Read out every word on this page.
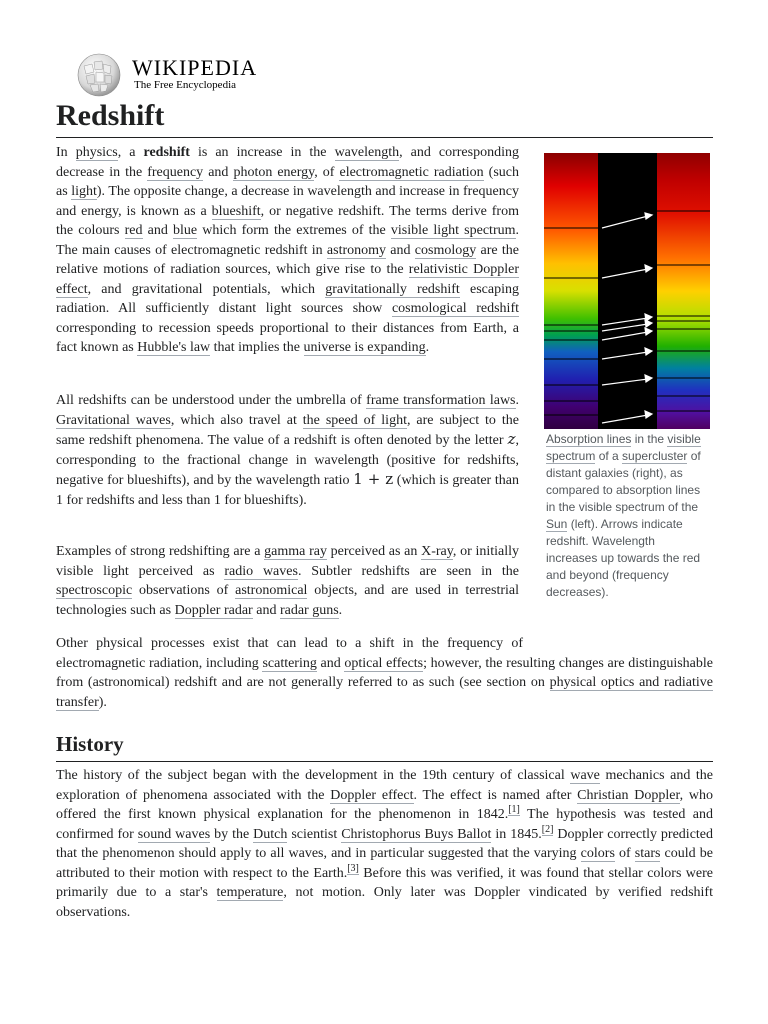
WIKIPEDIA
The Free Encyclopedia
Redshift

In physics, a redshift is an increase in the wavelength, and corresponding decrease in the frequency and photon energy, of electromagnetic radiation (such as light). The opposite change, a decrease in wavelength and increase in frequency and energy, is known as a blueshift, or negative redshift. The terms derive from the colours red and blue which form the extremes of the visible light spectrum. The main causes of electromagnetic redshift in astronomy and cosmology are the relative motions of radiation sources, which give rise to the relativistic Doppler effect, and gravitational potentials, which gravitationally redshift escaping radiation. All sufficiently distant light sources show cosmological redshift corresponding to recession speeds proportional to their distances from Earth, a fact known as Hubble's law that implies the universe is expanding.

All redshifts can be understood under the umbrella of frame transformation laws. Gravitational waves, which also travel at the speed of light, are subject to the same redshift phenomena. The value of a redshift is often denoted by the letter z, corresponding to the fractional change in wavelength (positive for redshifts, negative for blueshifts), and by the wavelength ratio 1 + z (which is greater than 1 for redshifts and less than 1 for blueshifts).

Examples of strong redshifting are a gamma ray perceived as an X-ray, or initially visible light perceived as radio waves. Subtler redshifts are seen in the spectroscopic observations of astronomical objects, and are used in terrestrial technologies such as Doppler radar and radar guns.

Other physical processes exist that can lead to a shift in the frequency of electromagnetic radiation, including scattering and optical effects; however, the resulting changes are distinguishable from (astronomical) redshift and are not generally referred to as such (see section on physical optics and radiative transfer).

Absorption lines in the visible spectrum of a supercluster of distant galaxies (right), as compared to absorption lines in the visible spectrum of the Sun (left). Arrows indicate redshift. Wavelength increases up towards the red and beyond (frequency decreases).
History

The history of the subject began with the development in the 19th century of classical wave mechanics and the exploration of phenomena associated with the Doppler effect. The effect is named after Christian Doppler, who offered the first known physical explanation for the phenomenon in 1842.[1] The hypothesis was tested and confirmed for sound waves by the Dutch scientist Christophorus Buys Ballot in 1845.[2] Doppler correctly predicted that the phenomenon should apply to all waves, and in particular suggested that the varying colors of stars could be attributed to their motion with respect to the Earth.[3] Before this was verified, it was found that stellar colors were primarily due to a star's temperature, not motion. Only later was Doppler vindicated by verified redshift observations.
